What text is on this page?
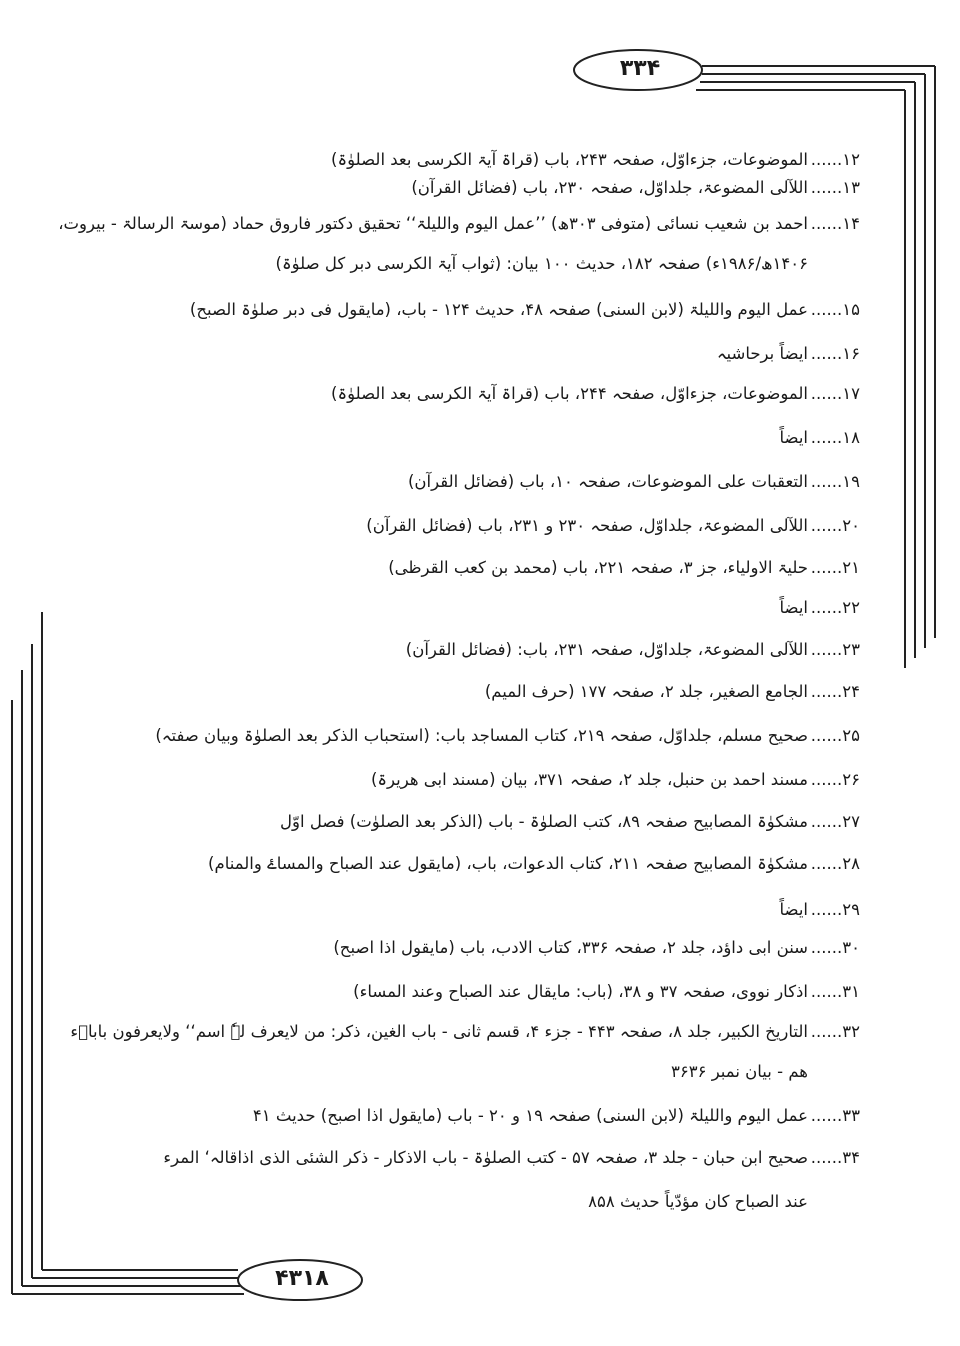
۳۳۴
۴۳۱۸
۱۲......الموضوعات، جزءاوّل، صفحہ ۲۴۳، باب (قراۃ آیۃ الکرسی بعد الصلوٰۃ)
۱۳......اللآلی المضوعۃ، جلداوّل، صفحہ ۲۳۰، باب (فضائل القرآن)
۱۴......احمد بن شعیب نسائی (متوفی ۳۰۳ھ) ’’عمل الیوم واللیلۃ‘‘ تحقیق دکتور فاروق حماد (موسۃ الرسالۃ - بیروت،
۱۴۰۶ھ/۱۹۸۶ء) صفحہ ۱۸۲، حدیث ۱۰۰ بیان: (ثواب آیۃ الکرسی دبر کل صلوٰۃ)
۱۵......عمل الیوم واللیلۃ (لابن السنی) صفحہ ۴۸، حدیث ۱۲۴ - باب، (مایقول فی دبر صلوٰۃ الصبح)
۱۶......ایضاً برحاشیہ
۱۷......الموضوعات، جزءاوّل، صفحہ ۲۴۴، باب (قراۃ آیۃ الکرسی بعد الصلوٰۃ)
۱۸......ایضاً
۱۹......التعقبات علی الموضوعات، صفحہ ۱۰، باب (فضائل القرآن)
۲۰......اللآلی المضوعۃ، جلداوّل، صفحہ ۲۳۰ و ۲۳۱، باب (فضائل القرآن)
۲۱......حلیۃ الاولیاء، جز ۳، صفحہ ۲۲۱، باب (محمد بن کعب القرظی)
۲۲......ایضاً
۲۳......اللآلی المضوعۃ، جلداوّل، صفحہ ۲۳۱، باب: (فضائل القرآن)
۲۴......الجامع الصغیر، جلد ۲، صفحہ ۱۷۷ (حرف المیم)
۲۵......صحیح مسلم، جلداوّل، صفحہ ۲۱۹، کتاب المساجد باب: (استحباب الذکر بعد الصلوٰۃ وبیان صفتہ)
۲۶......مسند احمد بن حنبل، جلد ۲، صفحہ ۳۷۱، بیان (مسند ابی ھریرۃ)
۲۷......مشکوٰۃ المصابیح صفحہ ۸۹، کتب الصلوٰۃ - باب (الذکر بعد الصلوٰت) فصل اوّل
۲۸......مشکوٰۃ المصابیح صفحہ ۲۱۱، کتاب الدعوات، باب، (مایقول عند الصباح والمساۓ والمنام)
۲۹......ایضاً
۳۰......سنن ابی داؤد، جلد ۲، صفحہ ۳۳۶، کتاب الادب، باب (مایقول اذا اصبح)
۳۱......اذکار نووی، صفحہ ۳۷ و ۳۸، (باب: مایقال عند الصباح وعند المساء)
۳۲......التاریخ الکبیر، جلد ۸، صفحہ ۴۴۳ - جزء ۴، قسم ثانی - باب الغین، ذکر: من لایعرف لہٗ اسم‘‘ ولایعرفون باباۤء
ھم - بیان نمبر ۳۶۳۶
۳۳......عمل الیوم واللیلۃ (لابن السنی) صفحہ ۱۹ و ۲۰ - باب (مایقول اذا اصبح) حدیث ۴۱
۳۴......صحیح ابن حبان - جلد ۳، صفحہ ۵۷ - کتب الصلوٰۃ - باب الاذکار - ذکر الشئی الذی اذاقالہ‘ المرء
عند الصباح کان مؤدّیاً حدیث ۸۵۸
